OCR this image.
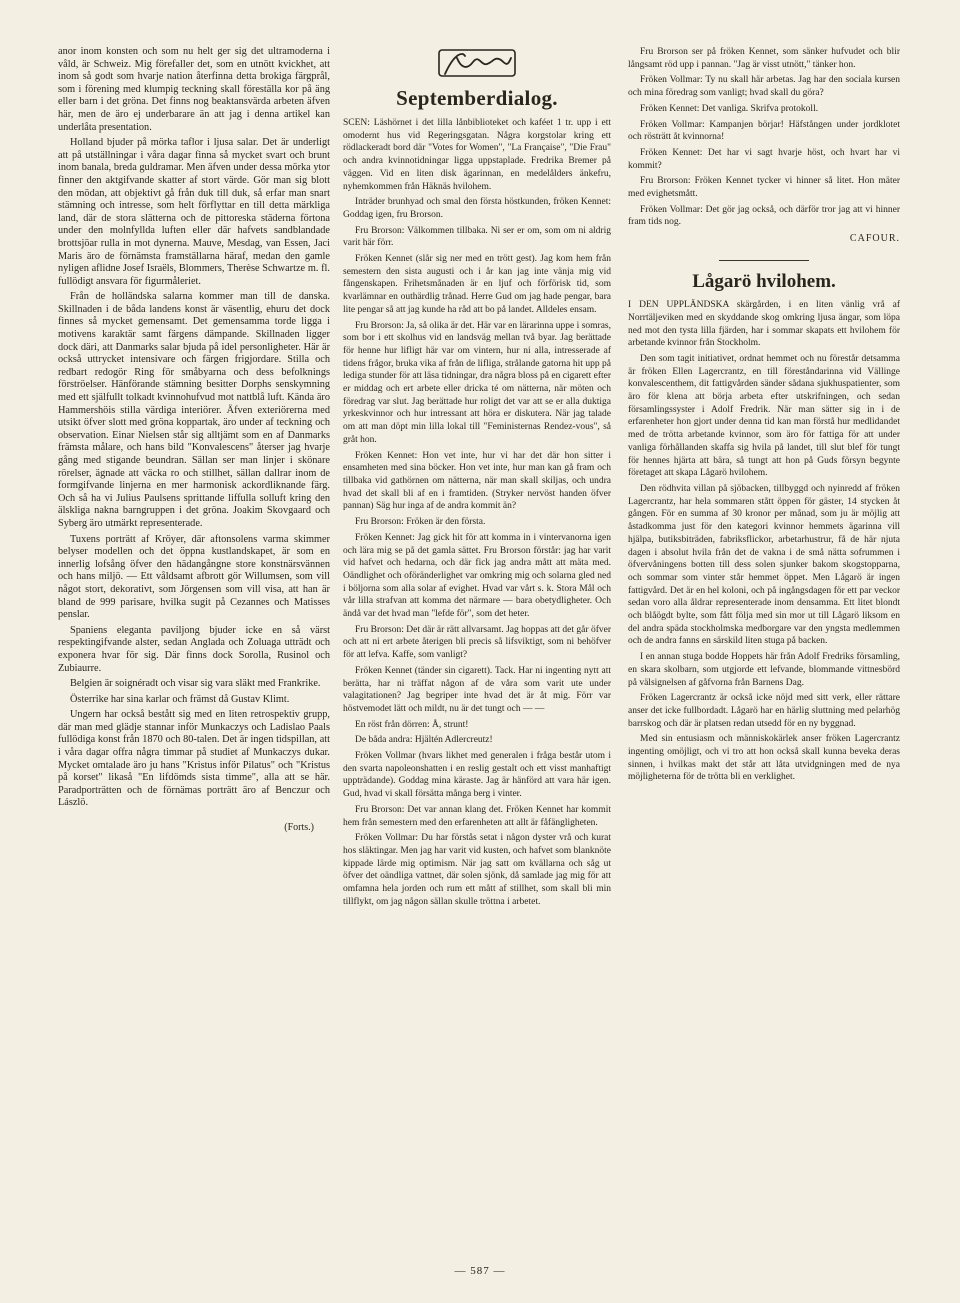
anor inom konsten och som nu helt ger sig det ultramoderna i våld, är Schweiz. Mig förefaller det, som en utnött kvickhet, att inom så godt som hvarje nation återfinna detta brokiga färgprål, som i förening med klumpig teckning skall föreställa kor på äng eller barn i det gröna. Det finns nog beaktansvärda arbeten äfven här, men de äro ej underbarare än att jag i denna artikel kan underlåta presentation.

Holland bjuder på mörka taflor i ljusa salar. Det är underligt att på utställningar i våra dagar finna så mycket svart och brunt inom banala, breda guldramar. Men äfven under dessa mörka ytor finner den aktgifvande skatter af stort värde. Gör man sig blott den mödan, att objektivt gå från duk till duk, så erfar man snart stämning och intresse, som helt förflyttar en till detta märkliga land, där de stora slätterna och de pittoreska städerna förtona under den molnfyllda luften eller där hafvets sandblandade brottsjöar rulla in mot dynerna. Mauve, Mesdag, van Essen, Jaci Maris äro de förnämsta framställarna häraf, medan den gamle nyligen aflidne Josef Israëls, Blommers, Therèse Schwartze m. fl. fullödigt ansvara för figurmåleriet.

Från de holländska salarna kommer man till de danska. Skillnaden i de båda landens konst är väsentlig, ehuru det dock finnes så mycket gemensamt. Det gemensamma torde ligga i motivens karaktär samt färgens dämpande. Skillnaden ligger dock däri, att Danmarks salar bjuda på idel personligheter. Här är också uttrycket intensivare och färgen frigjordare. Stilla och redbart redogör Ring för småbyarna och dess befolknings förströelser. Hänförande stämning besitter Dorphs senskymning med ett själfullt tolkadt kvinnohufvud mot nattblå luft. Kända äro Hammershöis stilla värdiga interiörer. Äfven exteriörerna med utsikt öfver slott med gröna koppartak, äro under af teckning och observation. Einar Nielsen står sig alltjämt som en af Danmarks främsta målare, och hans bild "Konvalescens" återser jag hvarje gång med stigande beundran. Sällan ser man linjer i skönare rörelser, ägnade att väcka ro och stillhet, sällan dallrar inom de formgifvande linjerna en mer harmonisk ackordliknande färg. Och så ha vi Julius Paulsens sprittande liffulla solluft kring den älskliga nakna barngruppen i det gröna. Joakim Skovgaard och Syberg äro utmärkt representerade.

Tuxens porträtt af Kröyer, där aftonsolens varma skimmer belyser modellen och det öppna kustlandskapet, är som en innerlig lofsång öfver den hädangångne store konstnärsvännen och hans miljö. — Ett våldsamt afbrott gör Willumsen, som vill något stort, dekorativt, som Jörgensen som vill visa, att han är bland de 999 parisare, hvilka sugit på Cezannes och Matisses penslar.

Spaniens eleganta paviljong bjuder icke en så värst respektingifvande alster, sedan Anglada och Zoluaga utträdt och exponera hvar för sig. Där finns dock Sorolla, Rusinol och Zubiaurre.

Belgien är soignéradt och visar sig vara släkt med Frankrike.

Österrike har sina karlar och främst då Gustav Klimt.

Ungern har också bestått sig med en liten retrospektiv grupp, där man med glädje stannar inför Munkaczys och Ladislao Paals fullödiga konst från 1870 och 80-talen. Det är ingen tidspillan, att i våra dagar offra några timmar på studiet af Munkaczys dukar. Mycket omtalade äro ju hans "Kristus inför Pilatus" och "Kristus på korset" likaså "En lifdömds sista timme", alla att se här. Paradporträtten och de förnämas porträtt äro af Benczur och Lászlö.

(Forts.)
Septemberdialog.

SCEN: Läshörnet i det lilla lånbiblioteket och kaféet 1 tr. upp i ett omodernt hus vid Regeringsgatan. Några korgstolar kring ett rödlackeradt bord där "Votes for Women", "La Française", "Die Frau" och andra kvinnotidningar ligga uppstaplade. Fredrika Bremer på väggen. Vid en liten disk ägarinnan, en medelålders änkefru, nyhemkommen från Häknäs hvilohem.

Inträder brunhyad och smal den första höstkunden, fröken Kennet: Goddag igen, fru Brorson.

Fru Brorson: Välkommen tillbaka. Ni ser er om, som om ni aldrig varit här förr.

Fröken Kennet (slår sig ner med en trött gest). Jag kom hem från semestern den sista augusti och i år kan jag inte vänja mig vid fångenskapen. Frihetsmånaden är en ljuf och förförisk tid, som kvarlämnar en outhärdlig trånad. Herre Gud om jag hade pengar, bara lite pengar så att jag kunde ha råd att bo på landet. Alldeles ensam.

Fru Brorson: Ja, så olika är det. Här var en lärarinna uppe i somras, som bor i ett skolhus vid en landsväg mellan två byar. Jag berättade för henne hur lifligt här var om vintern, hur ni alla, intresserade af tidens frågor, bruka vika af från de lifliga, strålande gatorna hit upp på lediga stunder för att läsa tidningar, dra några bloss på en cigarett efter er middag och ert arbete eller dricka té om nätterna, när möten och föredrag var slut. Jag berättade hur roligt det var att se er alla duktiga yrkeskvinnor och hur intressant att höra er diskutera. När jag talade om att man döpt min lilla lokal till "Feministernas Rendez-vous", så gråt hon.

Fröken Kennet: Hon vet inte, hur vi har det där hon sitter i ensamheten med sina böcker. Hon vet inte, hur man kan gå fram och tillbaka vid gathörnen om nätterna, när man skall skiljas, och undra hvad det skall bli af en i framtiden. (Stryker nervöst handen öfver pannan) Säg hur inga af de andra kommit än?

Fru Brorson: Fröken är den första.

Fröken Kennet: Jag gick hit för att komma in i vintervanorna igen och lära mig se på det gamla sättet. Fru Brorson förstår: jag har varit vid hafvet och hedarna, och där fick jag andra mått att mäta med. Oändlighet och oföränderlighet var omkring mig och solarna gled ned i böljorna som alla solar af evighet. Hvad var vårt s. k. Stora Mål och vår lilla strafvan att komma det närmare — bara obetydligheter. Och ändå var det hvad man "lefde för", som det heter.

Fru Brorson: Det där är rätt allvarsamt. Jag hoppas att det går öfver och att ni ert arbete återigen bli precis så lifsviktigt, som ni behöfver för att lefva. Kaffe, som vanligt?

Fröken Kennet (tänder sin cigarett). Tack. Har ni ingenting nytt att berätta, har ni träffat någon af de våra som varit ute under valagitationen? Jag begriper inte hvad det är åt mig. Förr var höstvemodet lätt och mildt, nu är det tungt och — —

En röst från dörren: Å, strunt!

De båda andra: Hjältén Adlercreutz!

Fröken Vollmar (hvars likhet med generalen i fråga består utom i den svarta napoleonshatten i en reslig gestalt och ett visst manhaftigt uppträdande). Goddag mina käraste. Jag är hänförd att vara här igen. Gud, hvad vi skall försätta många berg i vinter.

Fru Brorson: Det var annan klang det. Fröken Kennet har kommit hem från semestern med den erfarenheten att allt är fåfängligheten.

Fröken Vollmar: Du har förstås setat i någon dyster vrå och kurat hos släktingar. Men jag har varit vid kusten, och hafvet som blanknöte kippade lärde mig optimism. När jag satt om kvällarna och såg ut öfver det oändliga vattnet, där solen sjönk, då samlade jag mig för att omfamna hela jorden och rum ett mått af stillhet, som skall bli min tillflykt, om jag någon sällan skulle tröttna i arbetet.

Fru Brorson ser på fröken Kennet, som sänker hufvudet och blir långsamt röd upp i pannan. "Jag är visst utnött," tänker hon.

Fröken Vollmar: Ty nu skall här arbetas. Jag har den sociala kursen och mina föredrag som vanligt; hvad skall du göra?

Fröken Kennet: Det vanliga. Skrifva protokoll.

Fröken Vollmar: Kampanjen börjar! Häfstången under jordklotet och rösträtt åt kvinnorna!

Fröken Kennet: Det har vi sagt hvarje höst, och hvart har vi kommit?

Fru Brorson: Fröken Kennet tycker vi hinner så litet. Hon mäter med evighetsmått.

Fröken Vollmar: Det gör jag också, och därför tror jag att vi hinner fram tids nog.

CAFOUR.
Lågarö hvilohem.

I DEN UPPLÄNDSKA skärgården, i en liten vänlig vrå af Norrtäljeviken med en skyddande skog omkring ljusa ängar, som löpa ned mot den tysta lilla fjärden, har i sommar skapats ett hvilohem för arbetande kvinnor från Stockholm.

Den som tagit initiativet, ordnat hemmet och nu förestår detsamma är fröken Ellen Lagercrantz, en till föreståndarinna vid Vällinge konvalescenthem, dit fattigvården sänder sådana sjukhuspatienter, som äro för klena att börja arbeta efter utskrifningen, och sedan församlingssyster i Adolf Fredrik. När man sätter sig in i de erfarenheter hon gjort under denna tid kan man förstå hur medlidandet med de trötta arbetande kvinnor, som äro för fattiga för att under vanliga förhållanden skaffa sig hvila på landet, till slut blef för tungt för hennes hjärta att bära, så tungt att hon på Guds försyn begynte företaget att skapa Lågarö hvilohem.

Den rödhvita villan på sjöbacken, tillbyggd och nyinredd af fröken Lagercrantz, har hela sommaren stått öppen för gäster, 14 stycken åt gången. För en summa af 30 kronor per månad, som ju är möjlig att åstadkomma just för den kategori kvinnor hemmets ägarinna vill hjälpa, butiksbiträden, fabriksflickor, arbetarhustrur, få de här njuta dagen i absolut hvila från det de vakna i de små nätta sofrummen i öfvervåningens botten till dess solen sjunker bakom skogstopparna, och sommar som vinter står hemmet öppet. Men Lågarö är ingen fattigvård. Det är en hel koloni, och på ingångsdagen för ett par veckor sedan voro alla åldrar representerade inom densamma. Ett litet blondt och blåögdt bylte, som fått följa med sin mor ut till Lågarö liksom en del andra späda stockholmska medborgare var den yngsta medlemmen och de andra fanns en särskild liten stuga på backen.

I en annan stuga bodde Hoppets här från Adolf Fredriks församling, en skara skolbarn, som utgjorde ett lefvande, blommande vittnesbörd på välsignelsen af gåfvorna från Barnens Dag.

Fröken Lagercrantz är också icke nöjd med sitt verk, eller rättare anser det icke fullbordadt. Lågarö har en härlig sluttning med pelarhög barrskog och där är platsen redan utsedd för en ny byggnad.

Med sin entusiasm och människokärlek anser fröken Lagercrantz ingenting omöjligt, och vi tro att hon också skall kunna beveka deras sinnen, i hvilkas makt det står att låta utvidgningen med de nya möjligheterna för de trötta bli en verklighet.

— 587 —
